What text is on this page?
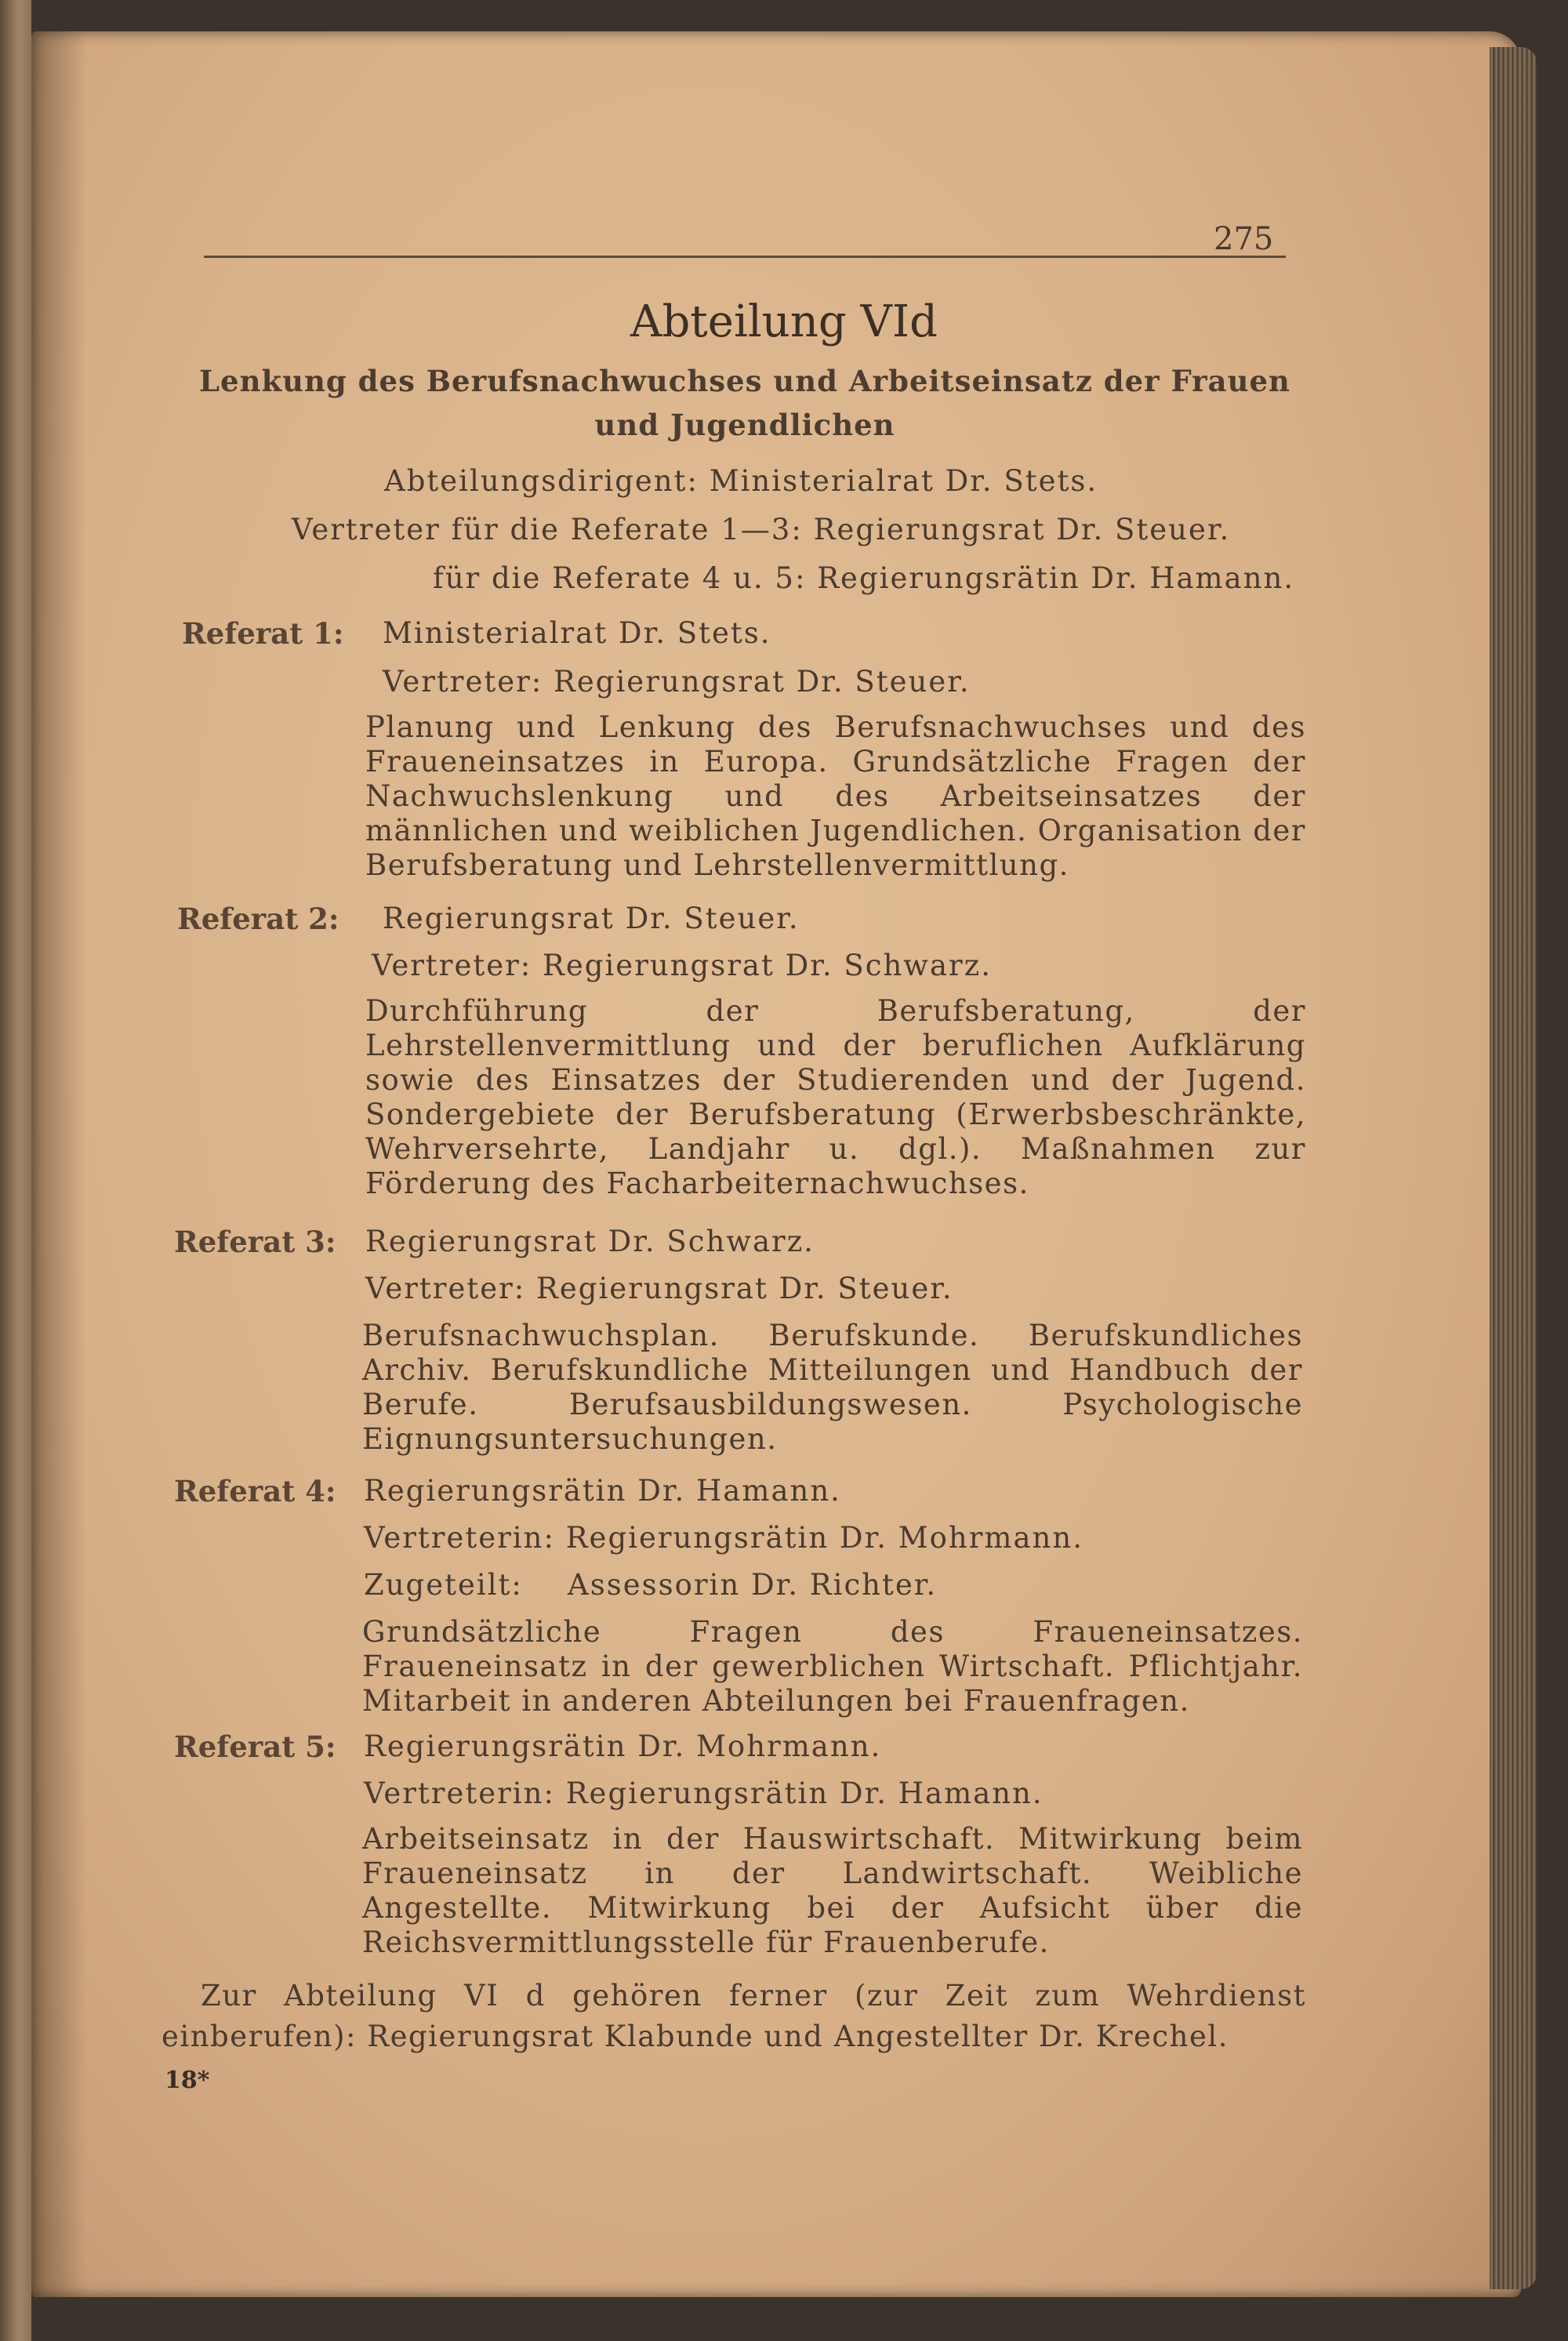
275
Abteilung VId
Lenkung des Berufsnachwuchses und Arbeitseinsatz der Frauen und Jugendlichen
Abteilungsdirigent: Ministerialrat Dr. Stets.
Vertreter für die Referate 1—3: Regierungsrat Dr. Steuer.
für die Referate 4 u. 5: Regierungsrätin Dr. Hamann.
Referat 1: Ministerialrat Dr. Stets.
Vertreter: Regierungsrat Dr. Steuer.
Planung und Lenkung des Berufsnachwuchses und des Fraueneinsatzes in Europa. Grundsätzliche Fragen der Nachwuchslenkung und des Arbeitseinsatzes der männlichen und weiblichen Jugendlichen. Organisation der Berufsberatung und Lehrstellenvermittlung.
Referat 2: Regierungsrat Dr. Steuer.
Vertreter: Regierungsrat Dr. Schwarz.
Durchführung der Berufsberatung, der Lehrstellenvermittlung und der beruflichen Aufklärung sowie des Einsatzes der Studierenden und der Jugend. Sondergebiete der Berufsberatung (Erwerbsbeschränkte, Wehrversehrte, Landjahr u. dgl.). Maßnahmen zur Förderung des Facharbeiternachwuchses.
Referat 3: Regierungsrat Dr. Schwarz.
Vertreter: Regierungsrat Dr. Steuer.
Berufsnachwuchsplan. Berufskunde. Berufskundliches Archiv. Berufskundliche Mitteilungen und Handbuch der Berufe. Berufsausbildungswesen. Psychologische Eignungsuntersuchungen.
Referat 4: Regierungsrätin Dr. Hamann.
Vertreterin: Regierungsrätin Dr. Mohrmann.
Zugeteilt: Assessorin Dr. Richter.
Grundsätzliche Fragen des Fraueneinsatzes. Fraueneinsatz in der gewerblichen Wirtschaft. Pflichtjahr. Mitarbeit in anderen Abteilungen bei Frauenfragen.
Referat 5: Regierungsrätin Dr. Mohrmann.
Vertreterin: Regierungsrätin Dr. Hamann.
Arbeitseinsatz in der Hauswirtschaft. Mitwirkung beim Fraueneinsatz in der Landwirtschaft. Weibliche Angestellte. Mitwirkung bei der Aufsicht über die Reichsvermittlungsstelle für Frauenberufe.
Zur Abteilung VI d gehören ferner (zur Zeit zum Wehrdienst einberufen): Regierungsrat Klabunde und Angestellter Dr. Krechel.
18*
